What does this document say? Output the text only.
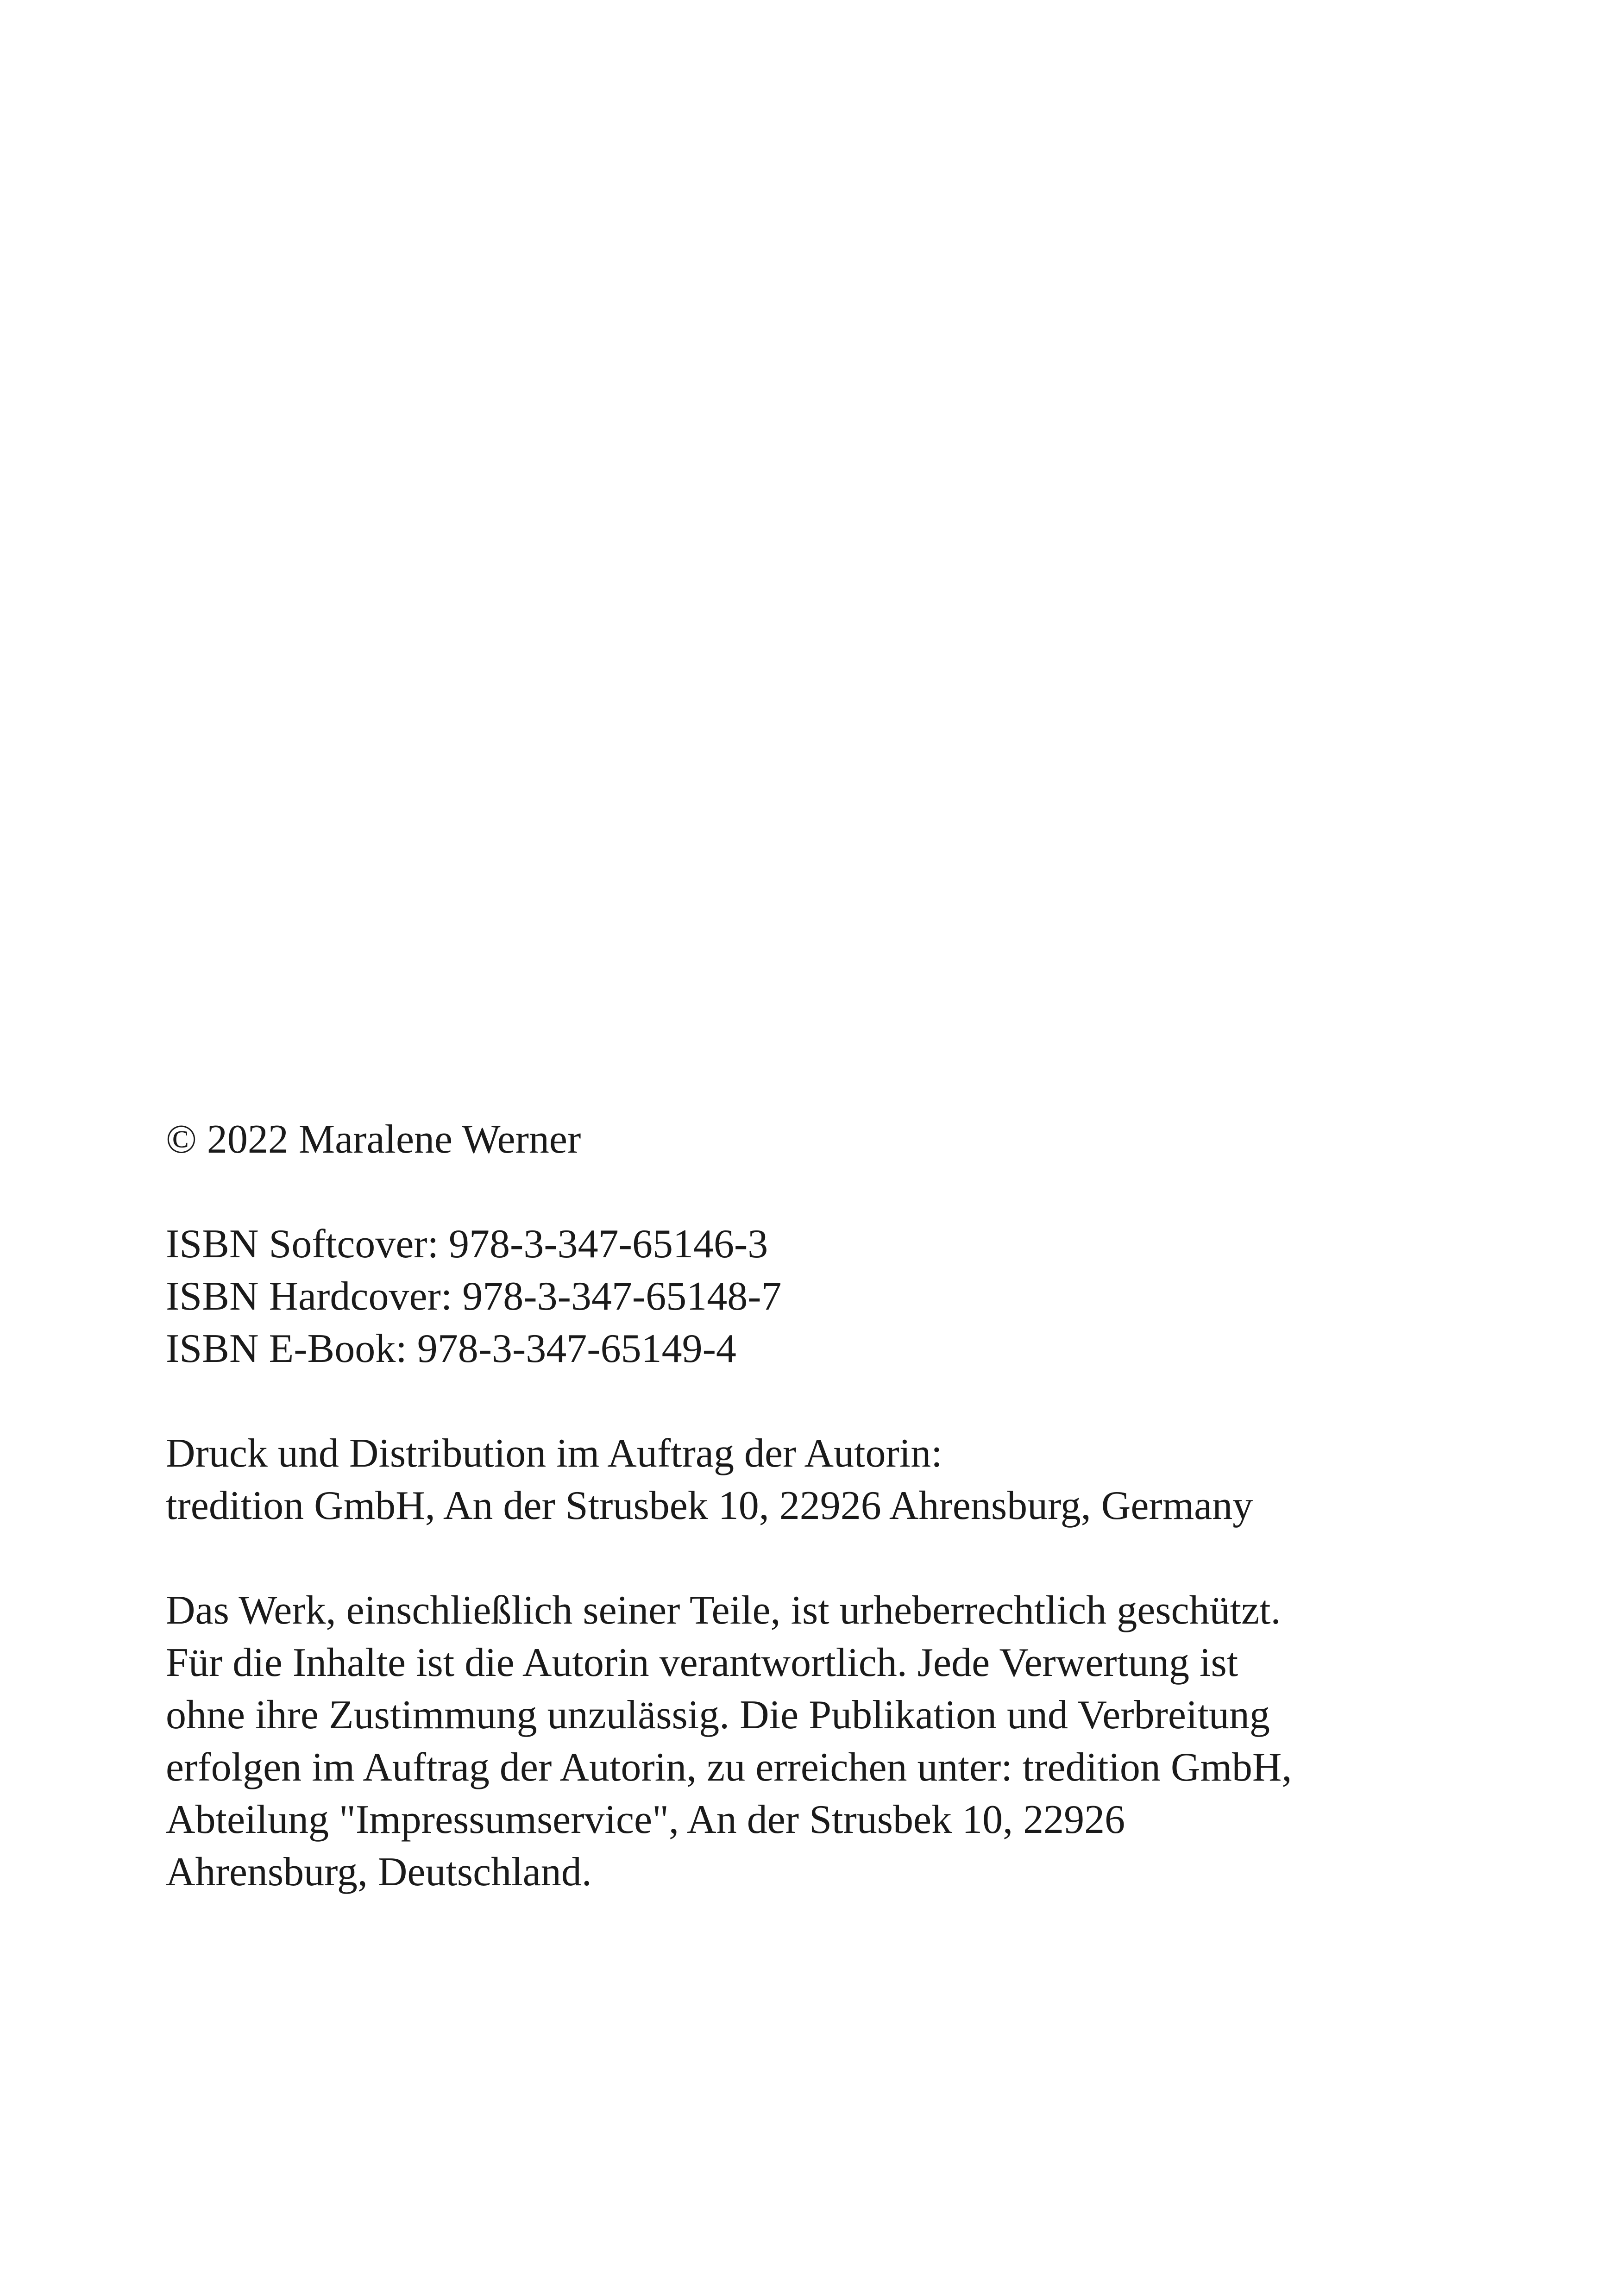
© 2022 Maralene Werner
ISBN Softcover: 978-3-347-65146-3
ISBN Hardcover: 978-3-347-65148-7
ISBN E-Book: 978-3-347-65149-4
Druck und Distribution im Auftrag der Autorin:
tredition GmbH, An der Strusbek 10, 22926 Ahrensburg, Germany
Das Werk, einschließlich seiner Teile, ist urheberrechtlich geschützt.
Für die Inhalte ist die Autorin verantwortlich. Jede Verwertung ist
ohne ihre Zustimmung unzulässig. Die Publikation und Verbreitung
erfolgen im Auftrag der Autorin, zu erreichen unter: tredition GmbH,
Abteilung "Impressumservice", An der Strusbek 10, 22926
Ahrensburg, Deutschland.
